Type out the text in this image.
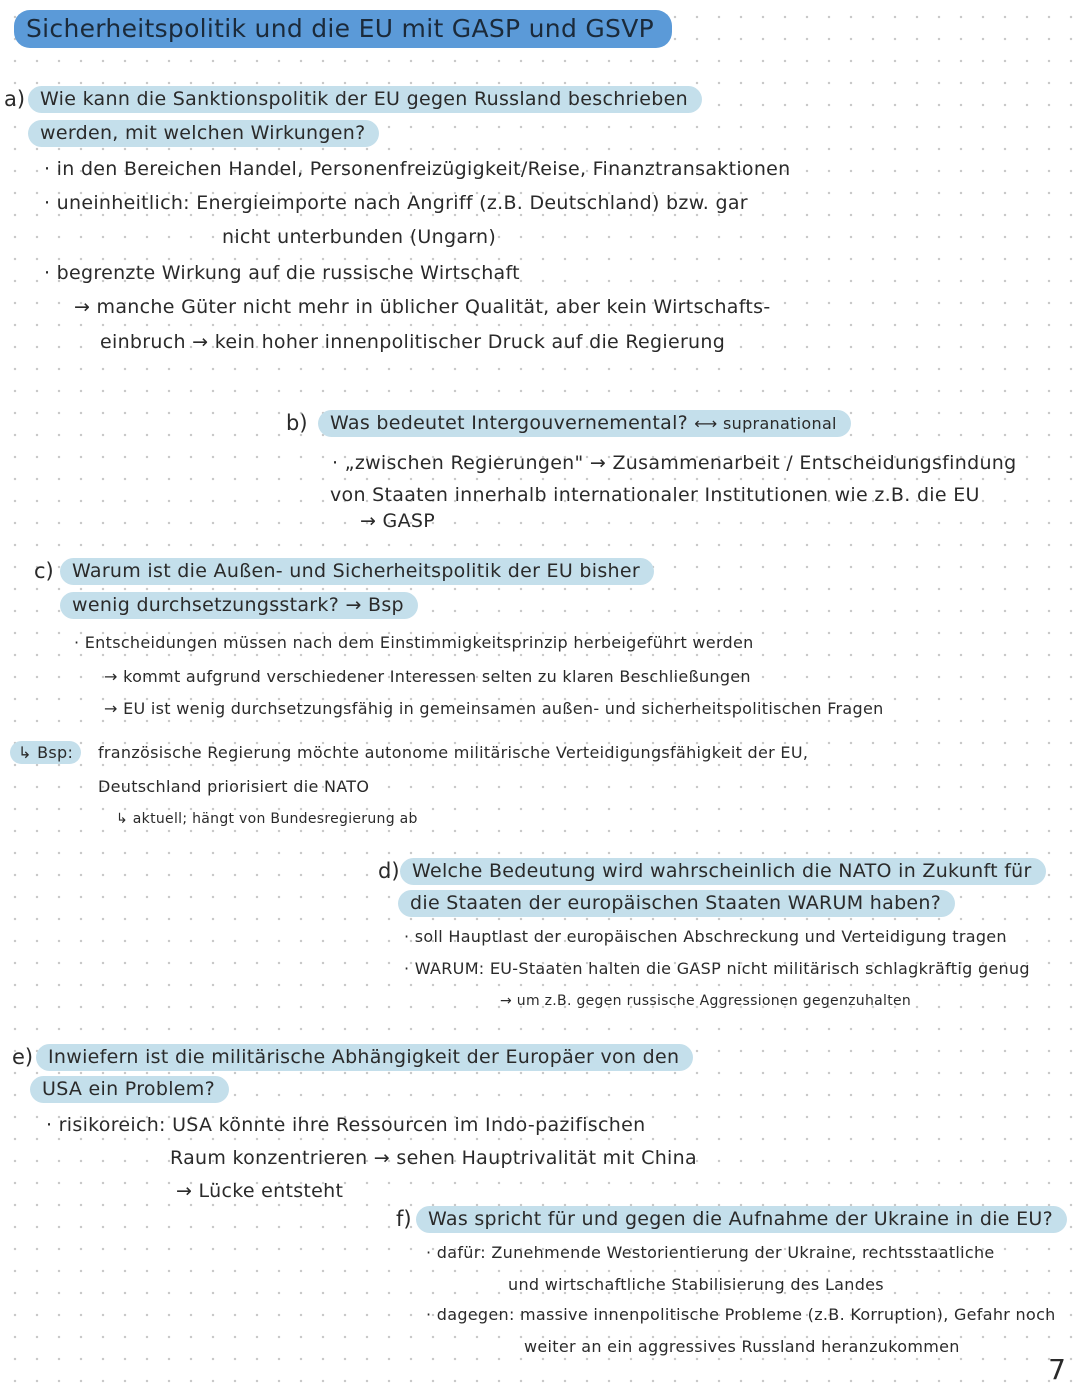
Sicherheitspolitik und die EU mit GASP und GSVP
a) Wie kann die Sanktionspolitik der EU gegen Russland beschrieben
werden, mit welchen Wirkungen?
· in den Bereichen Handel, Personenfreizügigkeit/Reise, Finanztransaktionen
· uneinheitlich: Energieimporte nach Angriff (z.B. Deutschland) bzw. gar
nicht unterbunden (Ungarn)
· begrenzte Wirkung auf die russische Wirtschaft
→ manche Güter nicht mehr in üblicher Qualität, aber kein Wirtschafts-
einbruch → kein hoher innenpolitischer Druck auf die Regierung
b)	Was bedeutet Intergouvernemental? ⟷ supranational
· „zwischen Regierungen" → Zusammenarbeit / Entscheidungsfindung
von Staaten innerhalb internationaler Institutionen wie z.B. die EU
→ GASP
c) Warum ist die Außen- und Sicherheitspolitik der EU bisher
wenig durchsetzungsstark? → Bsp
· Entscheidungen müssen nach dem Einstimmigkeitsprinzip herbeigeführt werden
→ kommt aufgrund verschiedener Interessen selten zu klaren Beschließungen
→ EU ist wenig durchsetzungsfähig in gemeinsamen außen- und sicherheitspolitischen Fragen
↳ Bsp:	französische Regierung möchte autonome militärische Verteidigungsfähigkeit der EU,
Deutschland priorisiert die NATO
↳ aktuell; hängt von Bundesregierung ab
d) Welche Bedeutung wird wahrscheinlich die NATO in Zukunft für
die Staaten der europäischen Staaten WARUM haben?
· soll Hauptlast der europäischen Abschreckung und Verteidigung tragen
· WARUM: EU-Staaten halten die GASP nicht militärisch schlagkräftig genug
→ um z.B. gegen russische Aggressionen gegenzuhalten
e) Inwiefern ist die militärische Abhängigkeit der Europäer von den
USA ein Problem?
· risikoreich: USA könnte ihre Ressourcen im Indo-pazifischen
Raum konzentrieren → sehen Hauptrivalität mit China
→ Lücke entsteht
f) Was spricht für und gegen die Aufnahme der Ukraine in die EU?
· dafür: Zunehmende Westorientierung der Ukraine, rechtsstaatliche
und wirtschaftliche Stabilisierung des Landes
· dagegen: massive innenpolitische Probleme (z.B. Korruption), Gefahr noch
weiter an ein aggressives Russland heranzukommen
7
